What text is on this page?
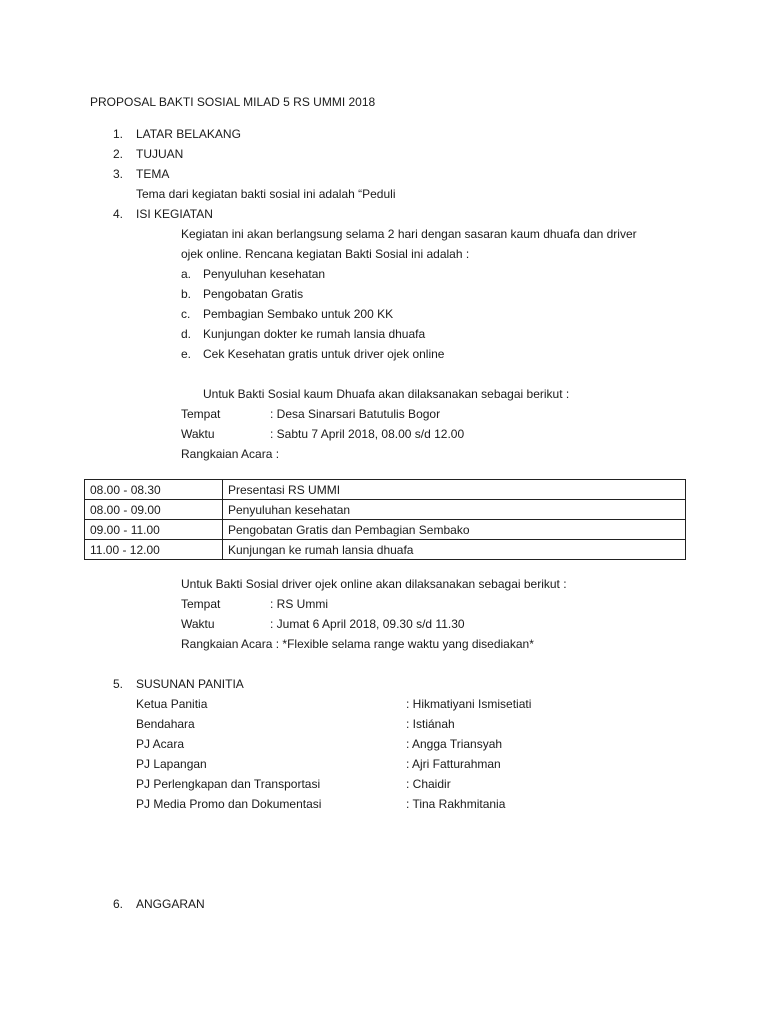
PROPOSAL BAKTI SOSIAL MILAD 5 RS UMMI 2018
1.	LATAR BELAKANG
2.	TUJUAN
3.	TEMA
Tema dari kegiatan bakti sosial ini adalah “Peduli
4.	ISI KEGIATAN
Kegiatan ini akan berlangsung selama 2 hari dengan sasaran kaum dhuafa dan driver
ojek online. Rencana kegiatan Bakti Sosial ini adalah :
a. Penyuluhan kesehatan
b. Pengobatan Gratis
c. Pembagian Sembako untuk 200 KK
d. Kunjungan dokter ke rumah lansia dhuafa
e. Cek Kesehatan gratis untuk driver ojek online
Untuk Bakti Sosial kaum Dhuafa akan dilaksanakan sebagai berikut :
Tempat	: Desa Sinarsari Batutulis Bogor
Waktu	: Sabtu 7 April 2018, 08.00 s/d 12.00
Rangkaian Acara :
08.00 - 08.30	Presentasi RS UMMI
08.00 - 09.00	Penyuluhan kesehatan
09.00 - 11.00	Pengobatan Gratis dan Pembagian Sembako
11.00 - 12.00	Kunjungan ke rumah lansia dhuafa
Untuk Bakti Sosial driver ojek online akan dilaksanakan sebagai berikut :
Tempat	: RS Ummi
Waktu	: Jumat 6 April 2018, 09.30 s/d 11.30
Rangkaian Acara : *Flexible selama range waktu yang disediakan*
5.	SUSUNAN PANITIA
Ketua Panitia	: Hikmatiyani Ismisetiati
Bendahara	: Istiánah
PJ Acara	: Angga Triansyah
PJ Lapangan	: Ajri Fatturahman
PJ Perlengkapan dan Transportasi	: Chaidir
PJ Media Promo dan Dokumentasi	: Tina Rakhmitania
6.	ANGGARAN
